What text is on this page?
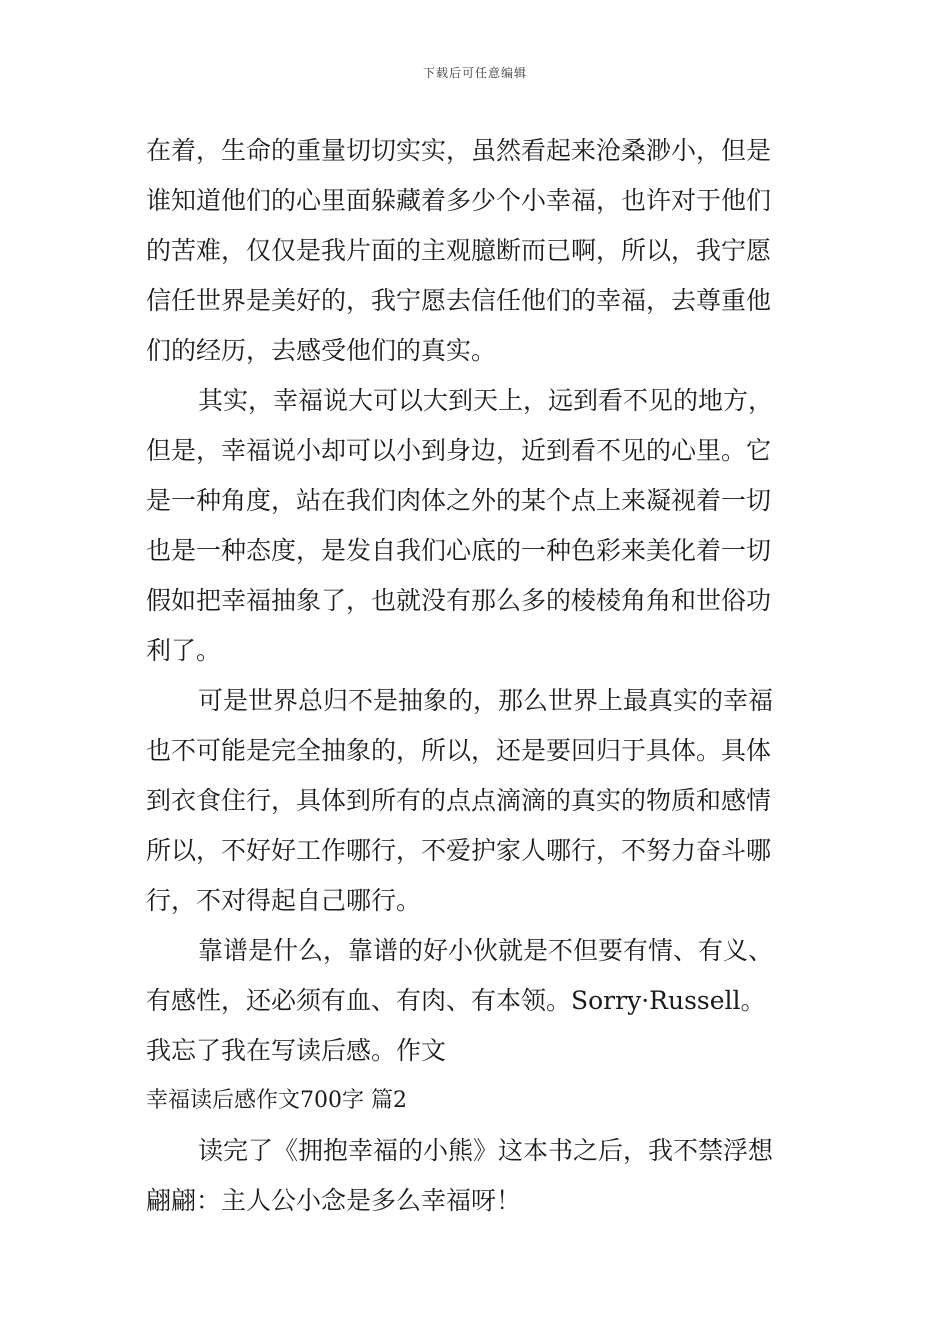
下载后可任意编辑
在着，生命的重量切切实实，虽然看起来沧桑渺小，但是
谁知道他们的心里面躲藏着多少个小幸福，也许对于他们
的苦难，仅仅是我片面的主观臆断而已啊，所以，我宁愿
信任世界是美好的，我宁愿去信任他们的幸福，去尊重他
们的经历，去感受他们的真实。
其实，幸福说大可以大到天上，远到看不见的地方，
但是，幸福说小却可以小到身边，近到看不见的心里。它
是一种角度，站在我们肉体之外的某个点上来凝视着一切
也是一种态度，是发自我们心底的一种色彩来美化着一切
假如把幸福抽象了，也就没有那么多的棱棱角角和世俗功
利了。
可是世界总归不是抽象的，那么世界上最真实的幸福
也不可能是完全抽象的，所以，还是要回归于具体。具体
到衣食住行，具体到所有的点点滴滴的真实的物质和感情
所以，不好好工作哪行，不爱护家人哪行，不努力奋斗哪
行，不对得起自己哪行。
靠谱是什么，靠谱的好小伙就是不但要有情、有义、
有感性，还必须有血、有肉、有本领。Sorry·Russell。
我忘了我在写读后感。作文
幸福读后感作文700字 篇2
读完了《拥抱幸福的小熊》这本书之后，我不禁浮想
翩翩：主人公小念是多么幸福呀！
